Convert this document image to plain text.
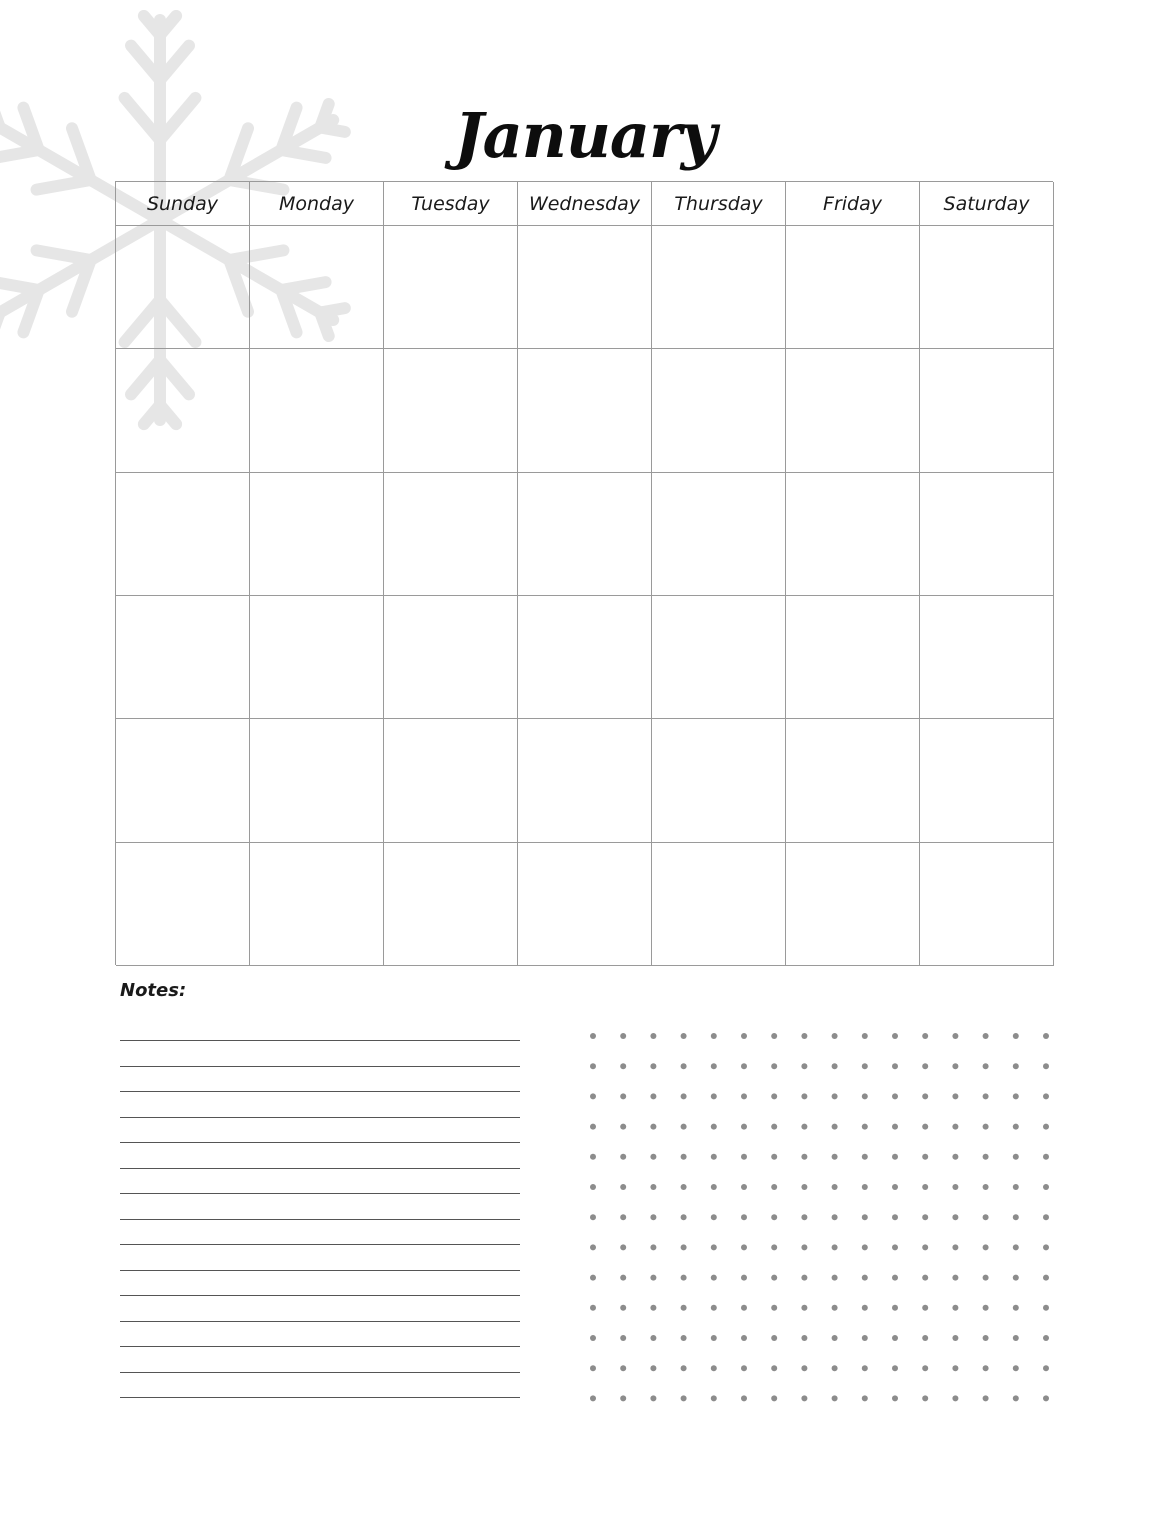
January
Sunday	Monday	Tuesday	Wednesday	Thursday	Friday	Saturday
Notes:
